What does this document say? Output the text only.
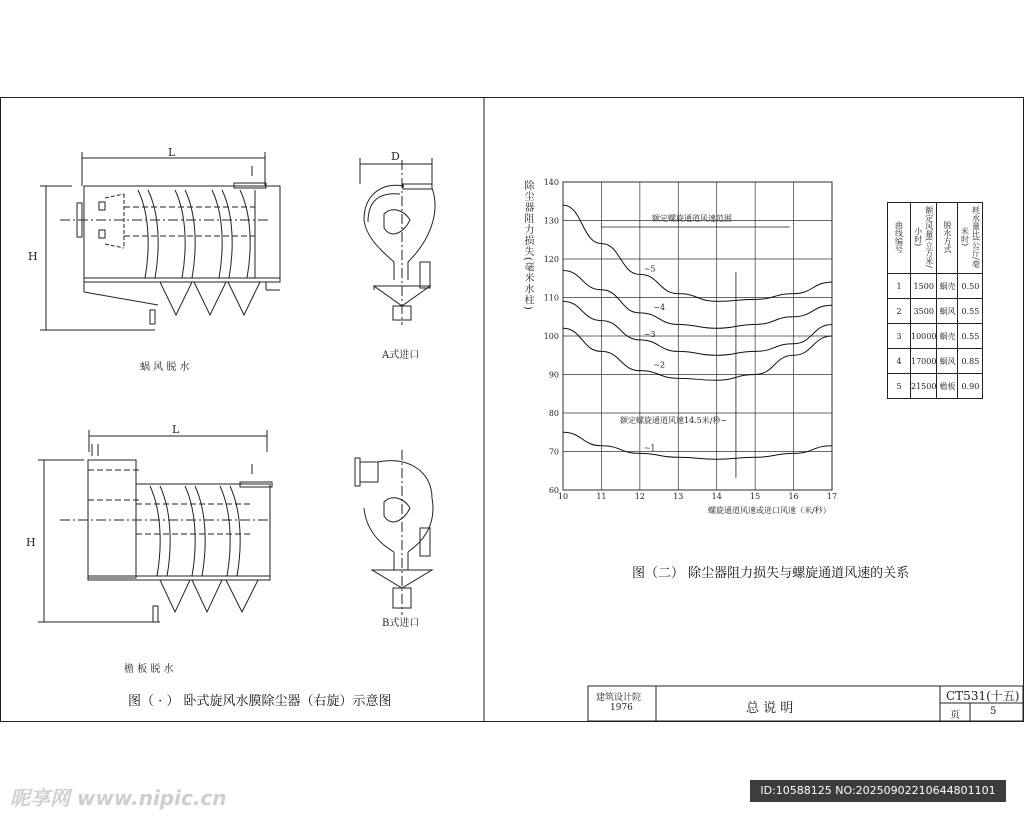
10	11	12	13	14	15	16	17
60
70
80
90
100
110
120
130
140
~5
~4
~3
~2
~1
L
H
D
蜗 风 脱 水
A式进口
L
H
B式进口
檐 板 脱 水
图（ · ） 卧式旋风水膜除尘器（右旋）示意图
除尘器阻力损失(毫米水柱)
螺旋通道风速或进口风速（米/秒）
额定螺旋通道风速范围
额定螺旋通道风速14.5米/秒~
图（二） 除尘器阻力损失与螺旋通道风速的关系
曲线编号	额定风量(立方米/小时)	脱水方式	耗水量比(公斤/毫米时)
1	1500	蜗壳	0.50
2	3500	蜗风	0.55
3	10000	蜗壳	0.55
4	17000	蜗风	0.85
5	21500	檐板	0.90
建筑设计院
1976	总 说 明
CT531(十五)
页	5
昵享网 www.nipic.cn	ID:10588125 NO:20250902210644801101
